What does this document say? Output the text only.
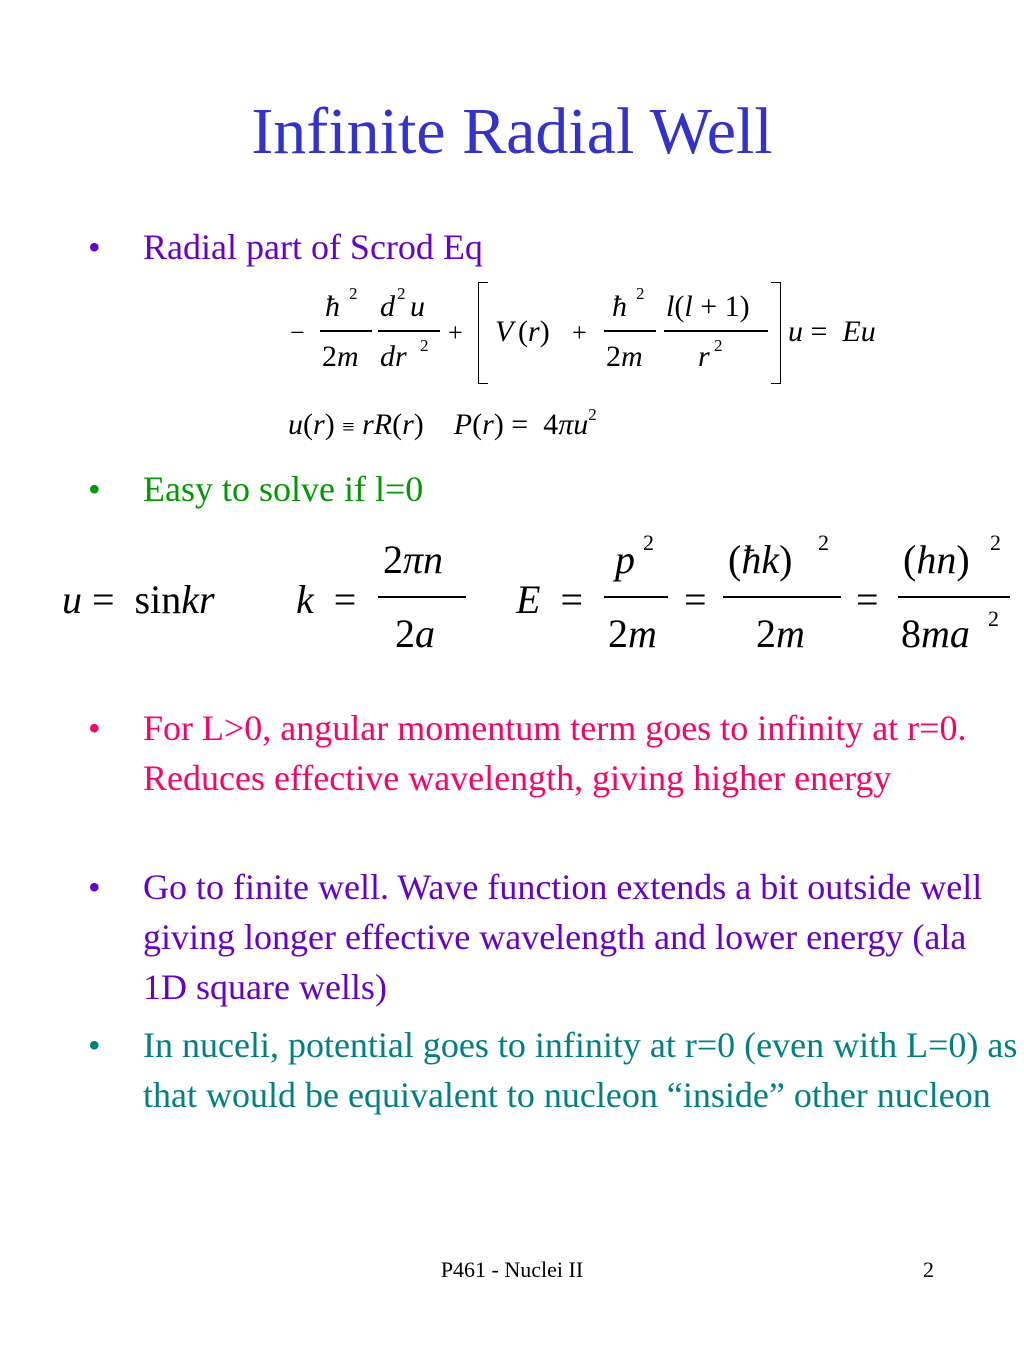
Infinite Radial Well
• Radial part of Scrod Eq
−
ħ 2
2m
d 2 u
dr 2 + V (r) +
ħ 2
2m
l(l + 1)
r 2 u =  Eu
u(r) ≡ rR(r)    $P(r) = 4\pi u^2$
• Easy to solve if l=0
u =  sinkr k  =
2πn
2a
E  =
p 2
2m
=
(ħk) 2
2m
=
(hn) 2
8ma 2
• For L>0, angular momentum term goes to infinity at r=0. Reduces effective wavelength, giving higher energy
• Go to finite well. Wave function extends a bit outside well giving longer effective wavelength and lower energy (ala 1D square wells)
• In nuceli, potential goes to infinity at r=0 (even with L=0) as that would be equivalent to nucleon “inside” other nucleon
P461 - Nuclei II	2
